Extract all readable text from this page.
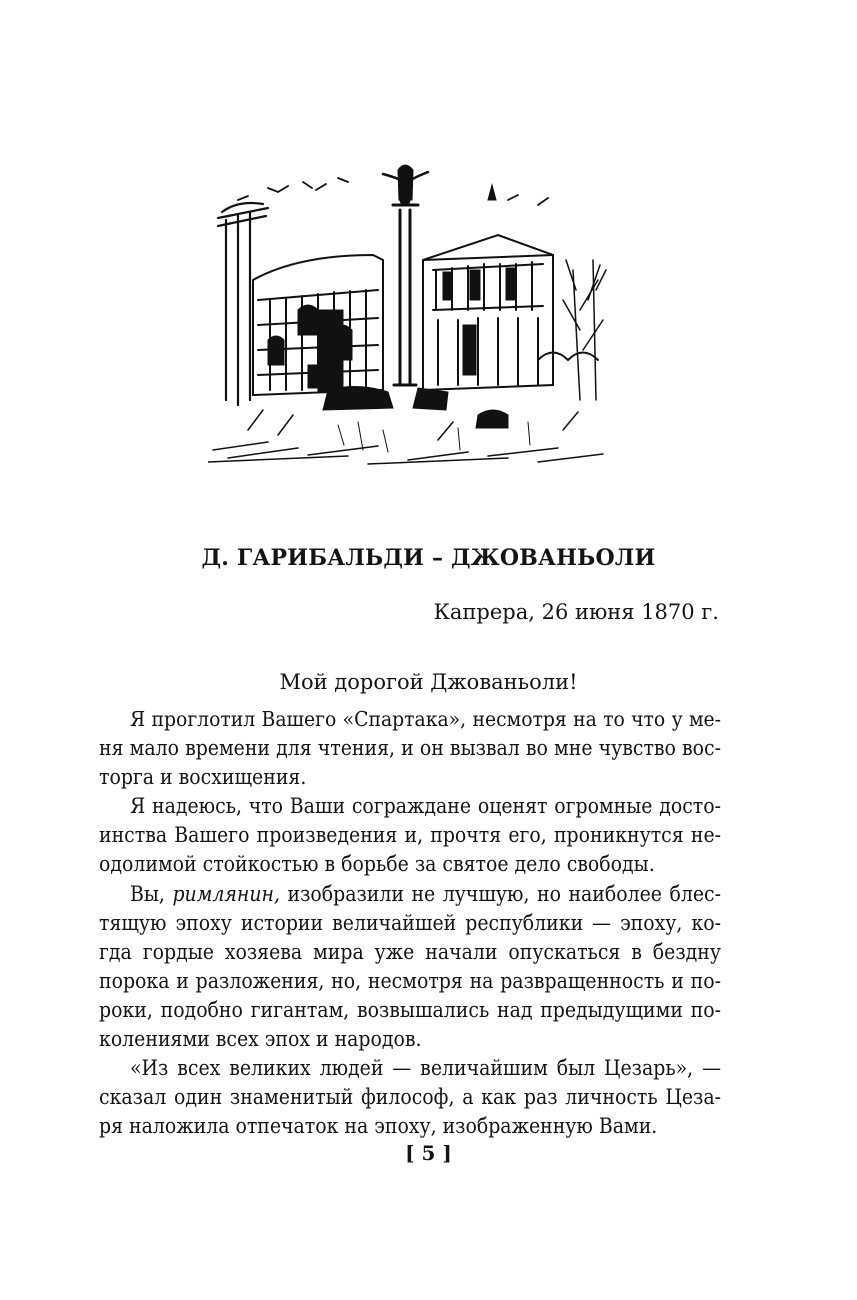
Д. ГАРИБАЛЬДИ – ДЖОВАНЬОЛИ
Капрера, 26 июня 1870 г.
Мой дорогой Джованьоли!

Я проглотил Вашего «Спартака», несмотря на то что у ме-
ня мало времени для чтения, и он вызвал во мне чувство вос-
торга и восхищения.

Я надеюсь, что Ваши сограждане оценят огромные досто-
инства Вашего произведения и, прочтя его, проникнутся не-
одолимой стойкостью в борьбе за святое дело свободы.

Вы, римлянин, изобразили не лучшую, но наиболее блес-
тящую эпоху истории величайшей республики — эпоху, ко-
гда гордые хозяева мира уже начали опускаться в бездну
порока и разложения, но, несмотря на развращенность и по-
роки, подобно гигантам, возвышались над предыдущими по-
колениями всех эпох и народов.

«Из всех великих людей — величайшим был Цезарь», —
сказал один знаменитый философ, а как раз личность Цеза-
ря наложила отпечаток на эпоху, изображенную Вами.

[ 5 ]
